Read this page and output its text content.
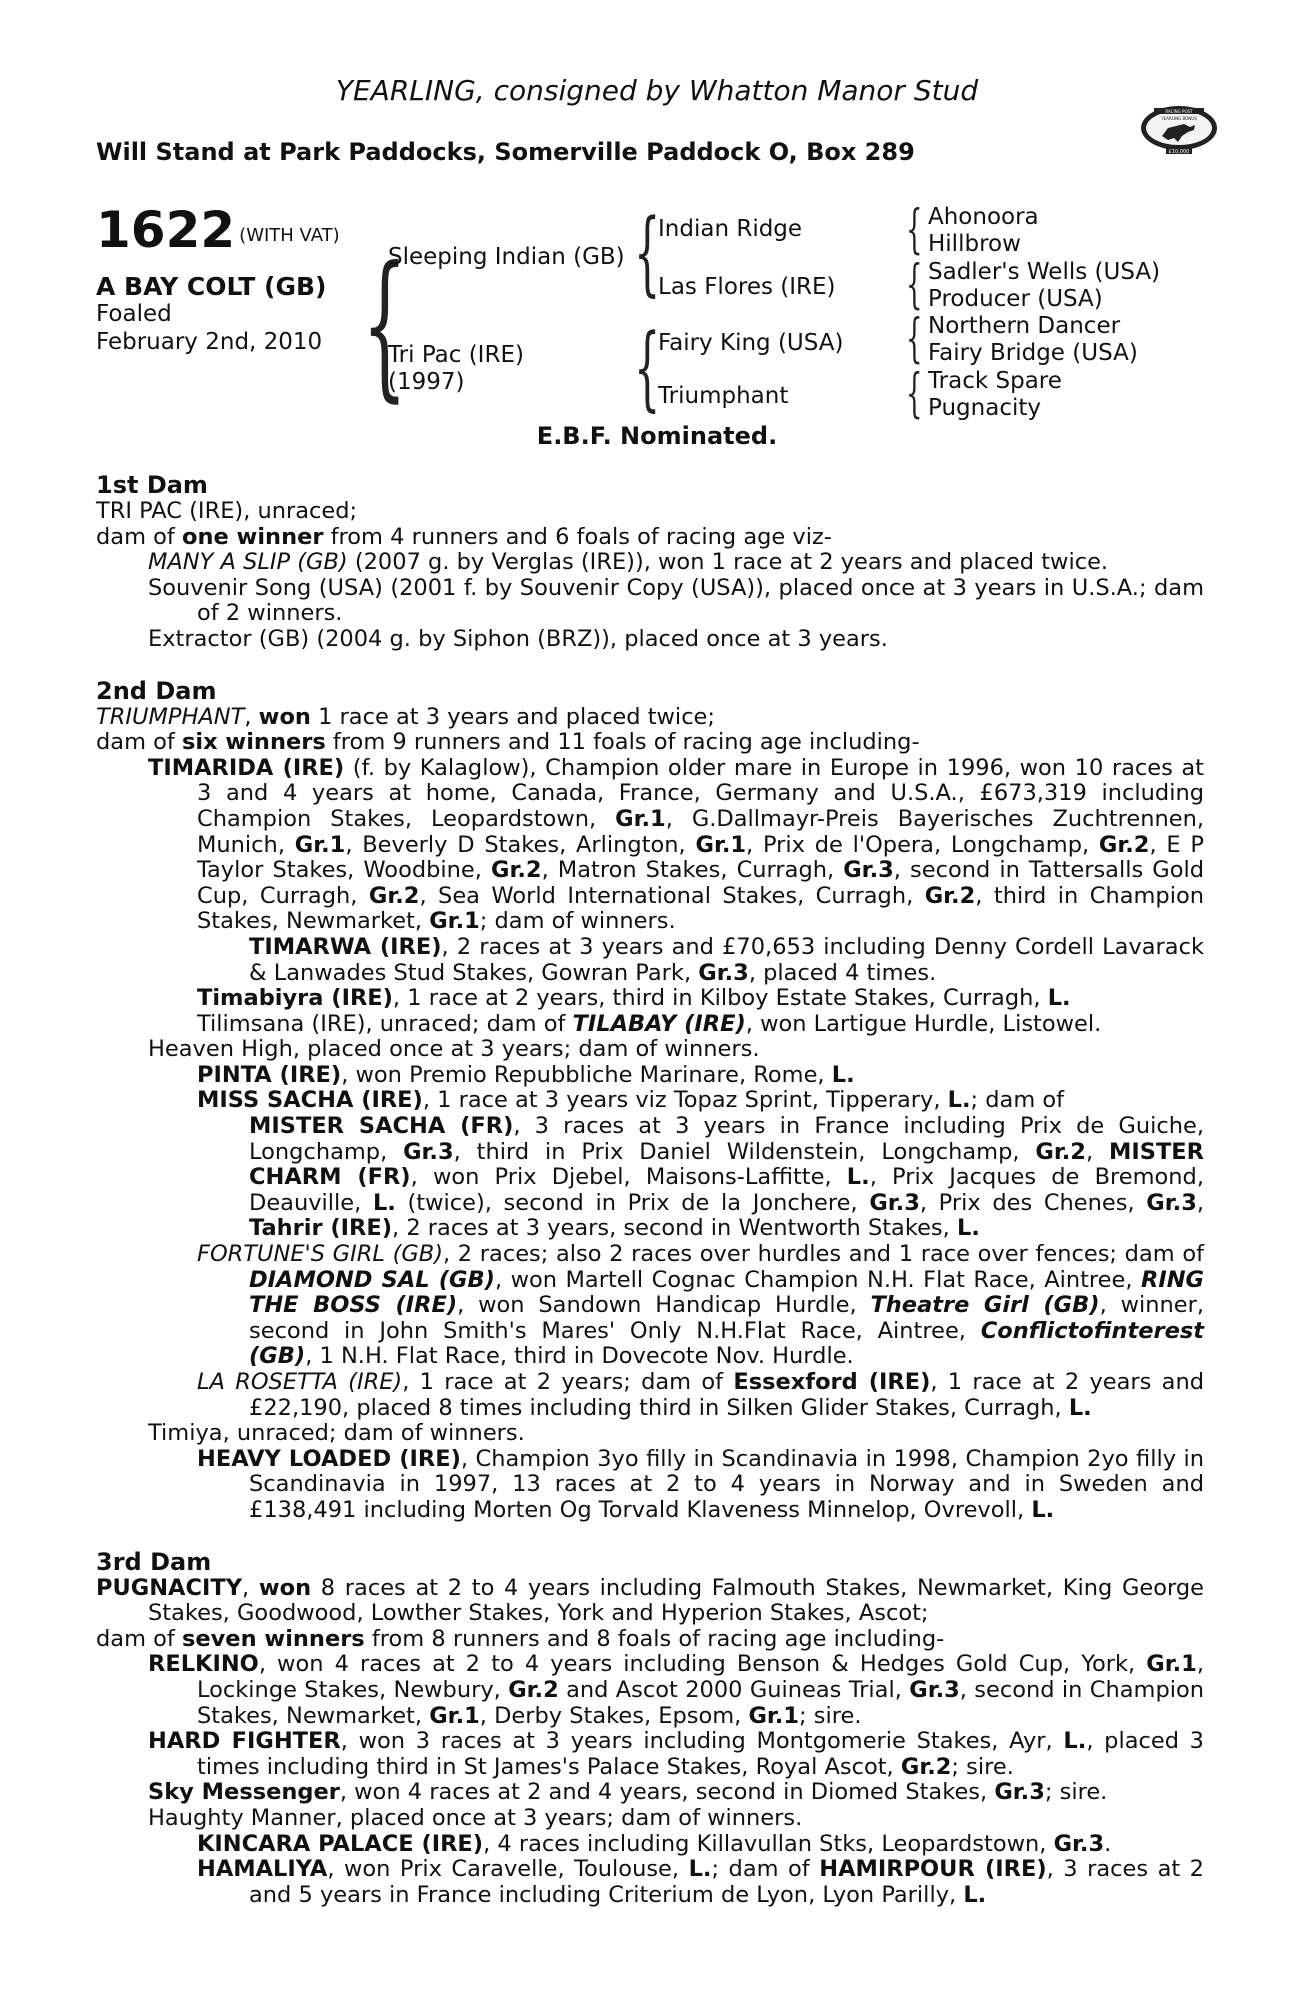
YEARLING, consigned by Whatton Manor Stud
Will Stand at Park Paddocks, Somerville Paddock O, Box 289
RACING POST
YEARLING BONUS
£10,000
1622 $^{(WITH VAT)}$
A BAY COLT (GB)
Foaled
February 2nd, 2010 {
Sleeping Indian (GB)
Tri Pac (IRE)
(1997)
{
Indian Ridge
Las Flores (IRE)
{
Fairy King (USA)
Triumphant
{ Ahonoora
Hillbrow
{ Sadler's Wells (USA)
Producer (USA)
{ Northern Dancer
Fairy Bridge (USA)
{ Track Spare
Pugnacity
E.B.F. Nominated.
1st Dam
TRI PAC (IRE), unraced;
dam of one winner from 4 runners and 6 foals of racing age viz-
MANY A SLIP (GB) (2007 g. by Verglas (IRE)), won 1 race at 2 years and placed twice.
Souvenir Song (USA) (2001 f. by Souvenir Copy (USA)), placed once at 3 years in U.S.A.; dam of 2 winners.
Extractor (GB) (2004 g. by Siphon (BRZ)), placed once at 3 years.
2nd Dam
TRIUMPHANT, won 1 race at 3 years and placed twice;
dam of six winners from 9 runners and 11 foals of racing age including-
TIMARIDA (IRE) (f. by Kalaglow), Champion older mare in Europe in 1996, won 10 races at 3 and 4 years at home, Canada, France, Germany and U.S.A., £673,319 including Champion Stakes, Leopardstown, Gr.1, G.Dallmayr-Preis Bayerisches Zuchtrennen, Munich, Gr.1, Beverly D Stakes, Arlington, Gr.1, Prix de l'Opera, Longchamp, Gr.2, E P Taylor Stakes, Woodbine, Gr.2, Matron Stakes, Curragh, Gr.3, second in Tattersalls Gold Cup, Curragh, Gr.2, Sea World International Stakes, Curragh, Gr.2, third in Champion Stakes, Newmarket, Gr.1; dam of winners.
TIMARWA (IRE), 2 races at 3 years and £70,653 including Denny Cordell Lavarack & Lanwades Stud Stakes, Gowran Park, Gr.3, placed 4 times.
Timabiyra (IRE), 1 race at 2 years, third in Kilboy Estate Stakes, Curragh, L.
Tilimsana (IRE), unraced; dam of TILABAY (IRE), won Lartigue Hurdle, Listowel.
Heaven High, placed once at 3 years; dam of winners.
PINTA (IRE), won Premio Repubbliche Marinare, Rome, L.
MISS SACHA (IRE), 1 race at 3 years viz Topaz Sprint, Tipperary, L.; dam of
MISTER SACHA (FR), 3 races at 3 years in France including Prix de Guiche, Longchamp, Gr.3, third in Prix Daniel Wildenstein, Longchamp, Gr.2, MISTER CHARM (FR), won Prix Djebel, Maisons-Laffitte, L., Prix Jacques de Bremond, Deauville, L. (twice), second in Prix de la Jonchere, Gr.3, Prix des Chenes, Gr.3, Tahrir (IRE), 2 races at 3 years, second in Wentworth Stakes, L.
FORTUNE'S GIRL (GB), 2 races; also 2 races over hurdles and 1 race over fences; dam of DIAMOND SAL (GB), won Martell Cognac Champion N.H. Flat Race, Aintree, RING THE BOSS (IRE), won Sandown Handicap Hurdle, Theatre Girl (GB), winner, second in John Smith's Mares' Only N.H.Flat Race, Aintree, Conflictofinterest (GB), 1 N.H. Flat Race, third in Dovecote Nov. Hurdle.
LA ROSETTA (IRE), 1 race at 2 years; dam of Essexford (IRE), 1 race at 2 years and £22,190, placed 8 times including third in Silken Glider Stakes, Curragh, L.
Timiya, unraced; dam of winners.
HEAVY LOADED (IRE), Champion 3yo filly in Scandinavia in 1998, Champion 2yo filly in Scandinavia in 1997, 13 races at 2 to 4 years in Norway and in Sweden and £138,491 including Morten Og Torvald Klaveness Minnelop, Ovrevoll, L.
3rd Dam
PUGNACITY, won 8 races at 2 to 4 years including Falmouth Stakes, Newmarket, King George Stakes, Goodwood, Lowther Stakes, York and Hyperion Stakes, Ascot;
dam of seven winners from 8 runners and 8 foals of racing age including-
RELKINO, won 4 races at 2 to 4 years including Benson & Hedges Gold Cup, York, Gr.1, Lockinge Stakes, Newbury, Gr.2 and Ascot 2000 Guineas Trial, Gr.3, second in Champion Stakes, Newmarket, Gr.1, Derby Stakes, Epsom, Gr.1; sire.
HARD FIGHTER, won 3 races at 3 years including Montgomerie Stakes, Ayr, L., placed 3 times including third in St James's Palace Stakes, Royal Ascot, Gr.2; sire.
Sky Messenger, won 4 races at 2 and 4 years, second in Diomed Stakes, Gr.3; sire.
Haughty Manner, placed once at 3 years; dam of winners.
KINCARA PALACE (IRE), 4 races including Killavullan Stks, Leopardstown, Gr.3.
HAMALIYA, won Prix Caravelle, Toulouse, L.; dam of HAMIRPOUR (IRE), 3 races at 2 and 5 years in France including Criterium de Lyon, Lyon Parilly, L.
